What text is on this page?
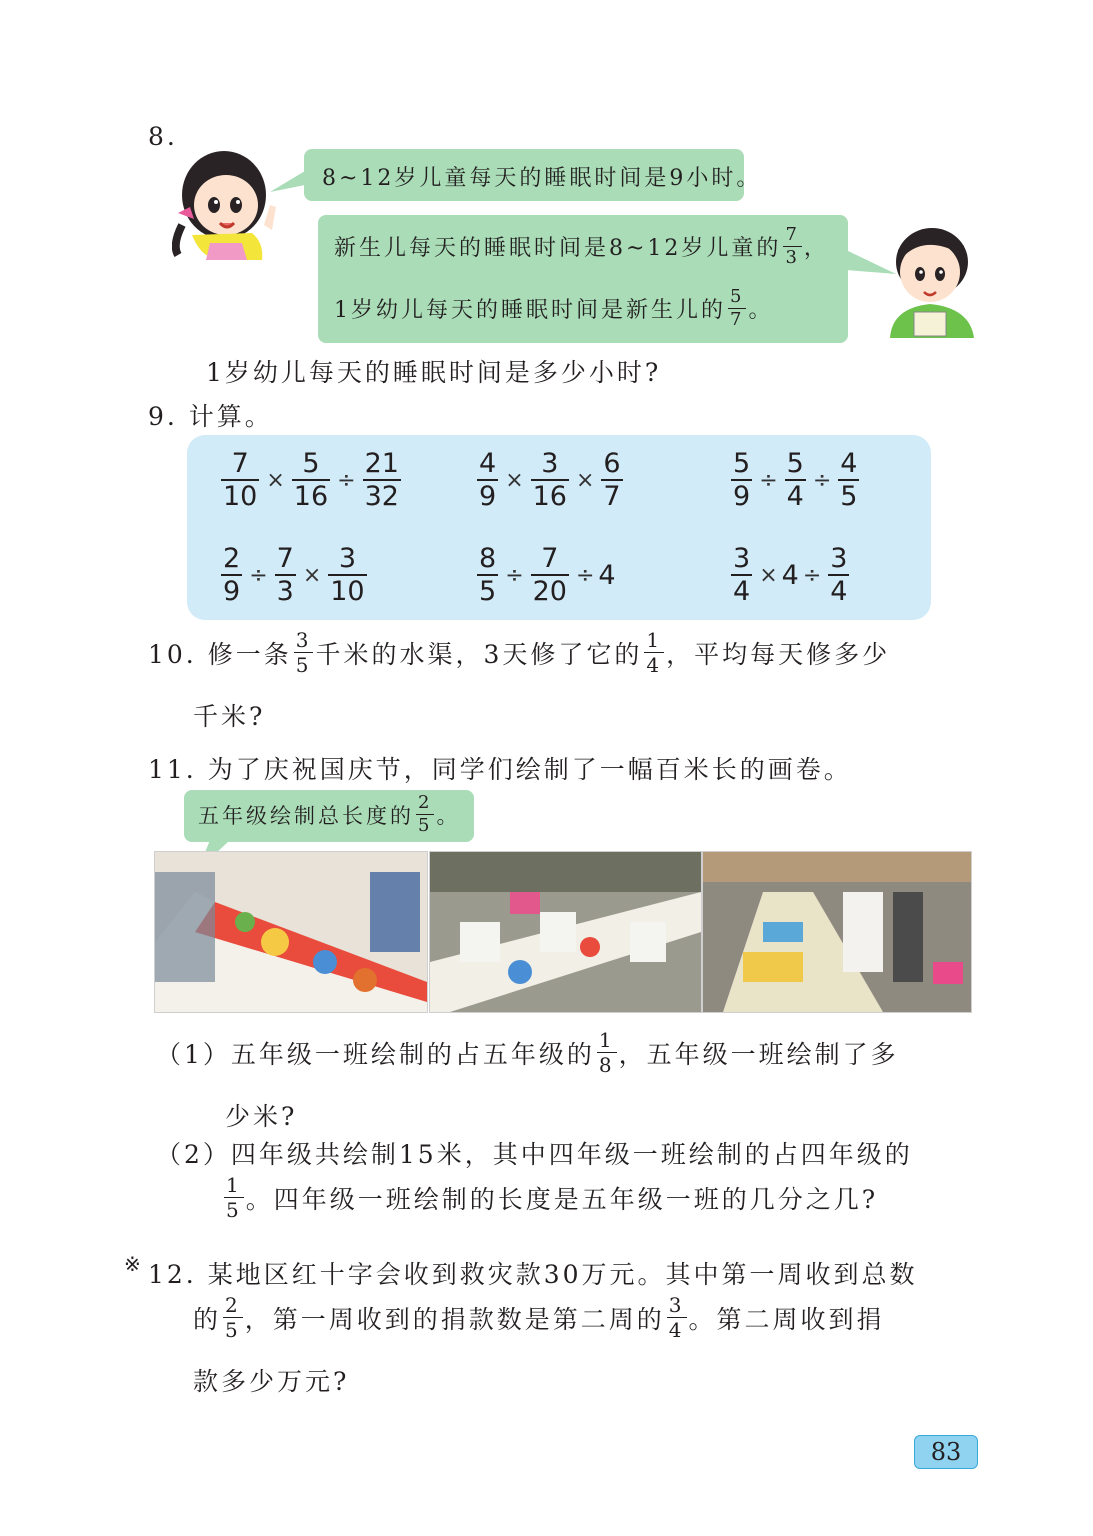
8.
8~12岁儿童每天的睡眠时间是9小时。
新生儿每天的睡眠时间是8~12岁儿童的 $\frac{7}{3}$ ，
1岁幼儿每天的睡眠时间是新生儿的 $\frac{5}{7}$ 。
1岁幼儿每天的睡眠时间是多少小时?
9. 计算。
$\frac{7}{10} \times \frac{5}{16} \div \frac{21}{32}$	$\frac{4}{9} \times \frac{3}{16} \times \frac{6}{7}$	$\frac{5}{9} \div \frac{5}{4} \div \frac{4}{5}$
$\frac{2}{9} \div \frac{7}{3} \times \frac{3}{10}$	$\frac{8}{5} \div \frac{7}{20} \div 4$	$\frac{3}{4} \times 4 \div \frac{3}{4}$
10. 修一条 $\frac{3}{5}$ 千米的水渠，3天修了它的 $\frac{1}{4}$ ，平均每天修多少
千米?
11. 为了庆祝国庆节，同学们绘制了一幅百米长的画卷。
五年级绘制总长度的 $\frac{2}{5}$ 。
（1）五年级一班绘制的占五年级的 $\frac{1}{8}$ ，五年级一班绘制了多
少米?
（2）四年级共绘制15米，其中四年级一班绘制的占四年级的
$\frac{1}{5}$ 。四年级一班绘制的长度是五年级一班的几分之几?
※ 12. 某地区红十字会收到救灾款30万元。其中第一周收到总数
的 $\frac{2}{5}$ ，第一周收到的捐款数是第二周的 $\frac{3}{4}$ 。第二周收到捐
款多少万元?
83
